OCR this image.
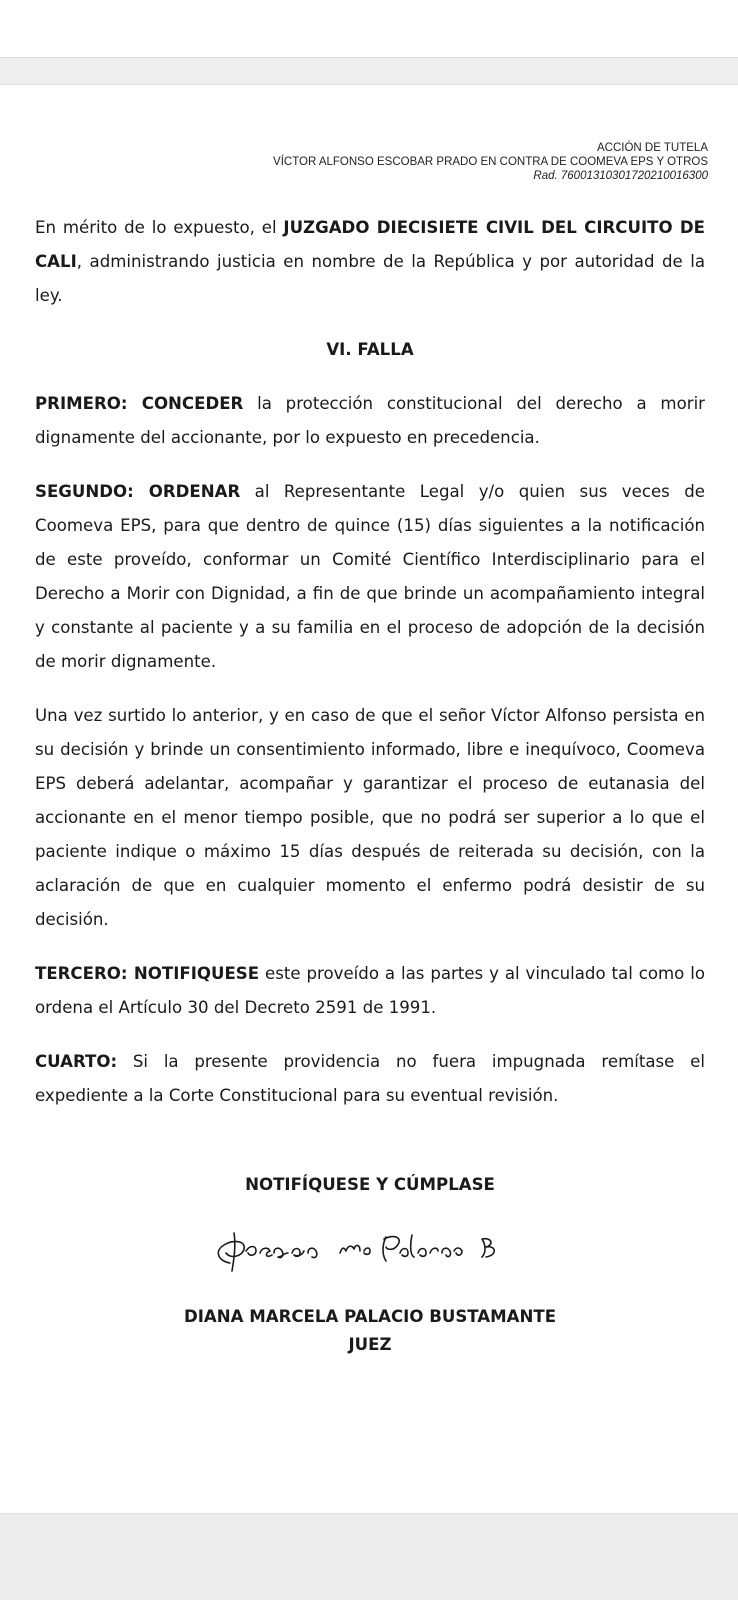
ACCIÓN DE TUTELA
VÍCTOR ALFONSO ESCOBAR PRADO EN CONTRA DE COOMEVA EPS Y OTROS
Rad. 76001310301720210016300

En mérito de lo expuesto, el JUZGADO DIECISIETE CIVIL DEL CIRCUITO DE CALI, administrando justicia en nombre de la República y por autoridad de la ley.

VI. FALLA

PRIMERO: CONCEDER la protección constitucional del derecho a morir dignamente del accionante, por lo expuesto en precedencia.

SEGUNDO: ORDENAR al Representante Legal y/o quien sus veces de Coomeva EPS, para que dentro de quince (15) días siguientes a la notificación de este proveído, conformar un Comité Científico Interdisciplinario para el Derecho a Morir con Dignidad, a fin de que brinde un acompañamiento integral y constante al paciente y a su familia en el proceso de adopción de la decisión de morir dignamente.

Una vez surtido lo anterior, y en caso de que el señor Víctor Alfonso persista en su decisión y brinde un consentimiento informado, libre e inequívoco, Coomeva EPS deberá adelantar, acompañar y garantizar el proceso de eutanasia del accionante en el menor tiempo posible, que no podrá ser superior a lo que el paciente indique o máximo 15 días después de reiterada su decisión, con la aclaración de que en cualquier momento el enfermo podrá desistir de su decisión.

TERCERO: NOTIFIQUESE este proveído a las partes y al vinculado tal como lo ordena el Artículo 30 del Decreto 2591 de 1991.

CUARTO: Si la presente providencia no fuera impugnada remítase el expediente a la Corte Constitucional para su eventual revisión.

NOTIFÍQUESE Y CÚMPLASE
DIANA MARCELA PALACIO BUSTAMANTE
JUEZ
